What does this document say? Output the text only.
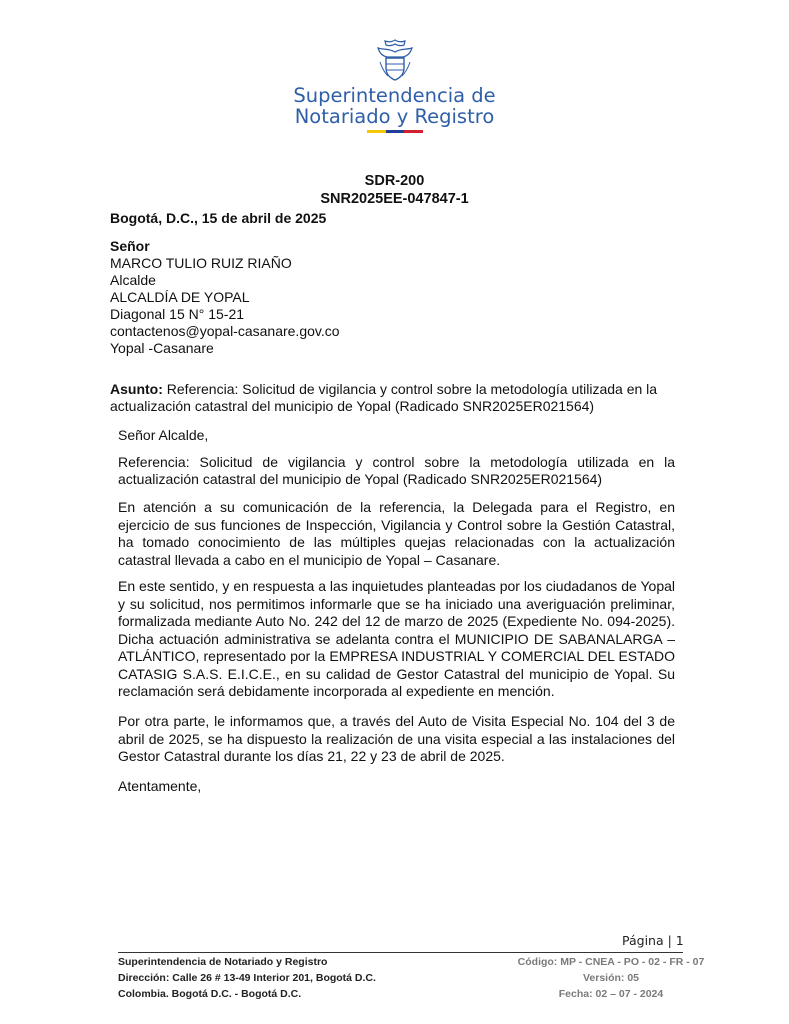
Superintendencia de
Notariado y Registro
SDR-200
SNR2025EE-047847-1
Bogotá, D.C., 15 de abril de 2025
Señor
MARCO TULIO RUIZ RIAÑO
Alcalde
ALCALDÍA DE YOPAL
Diagonal 15 N° 15-21
contactenos@yopal-casanare.gov.co
Yopal -Casanare
Asunto: Referencia: Solicitud de vigilancia y control sobre la metodología utilizada en la
actualización catastral del municipio de Yopal (Radicado SNR2025ER021564)
Señor Alcalde,
Referencia: Solicitud de vigilancia y control sobre la metodología utilizada en la
actualización catastral del municipio de Yopal (Radicado SNR2025ER021564)
En atención a su comunicación de la referencia, la Delegada para el Registro, en ejercicio de sus funciones de Inspección, Vigilancia y Control sobre la Gestión Catastral, ha tomado conocimiento de las múltiples quejas relacionadas con la actualización catastral llevada a cabo en el municipio de Yopal – Casanare.
En este sentido, y en respuesta a las inquietudes planteadas por los ciudadanos de Yopal y su solicitud, nos permitimos informarle que se ha iniciado una averiguación preliminar, formalizada mediante Auto No. 242 del 12 de marzo de 2025 (Expediente No. 094-2025). Dicha actuación administrativa se adelanta contra el MUNICIPIO DE SABANALARGA – ATLÁNTICO, representado por la EMPRESA INDUSTRIAL Y COMERCIAL DEL ESTADO CATASIG S.A.S. E.I.C.E., en su calidad de Gestor Catastral del municipio de Yopal. Su reclamación será debidamente incorporada al expediente en mención.
Por otra parte, le informamos que, a través del Auto de Visita Especial No. 104 del 3 de abril de 2025, se ha dispuesto la realización de una visita especial a las instalaciones del Gestor Catastral durante los días 21, 22 y 23 de abril de 2025.
Atentamente,
Página | 1
Superintendencia de Notariado y Registro
Dirección: Calle 26 # 13-49 Interior 201, Bogotá D.C.
Colombia. Bogotá D.C. - Bogotá D.C.
Código: MP - CNEA - PO - 02 - FR - 07
Versión: 05
Fecha: 02 – 07 - 2024
